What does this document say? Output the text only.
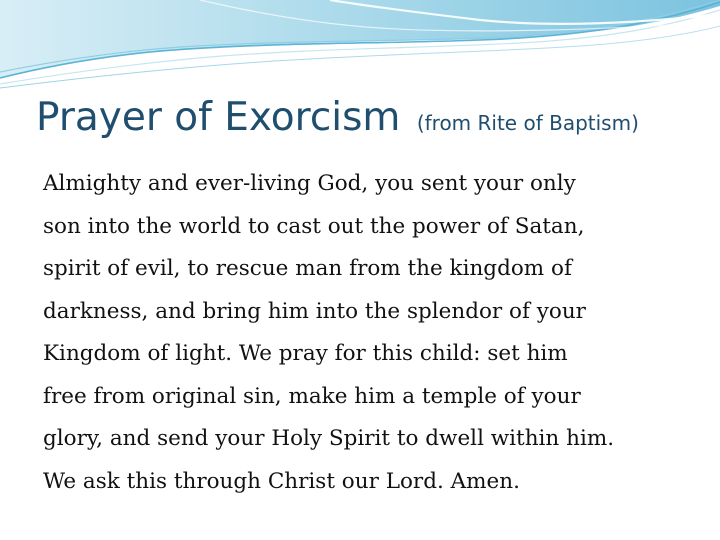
Prayer of Exorcism (from Rite of Baptism)
Almighty and ever-living God, you sent your only
son into the world to cast out the power of Satan,
spirit of evil, to rescue man from the kingdom of
darkness, and bring him into the splendor of your
Kingdom of light. We pray for this child: set him
free from original sin, make him a temple of your
glory, and send your Holy Spirit to dwell within him.
We ask this through Christ our Lord. Amen.
